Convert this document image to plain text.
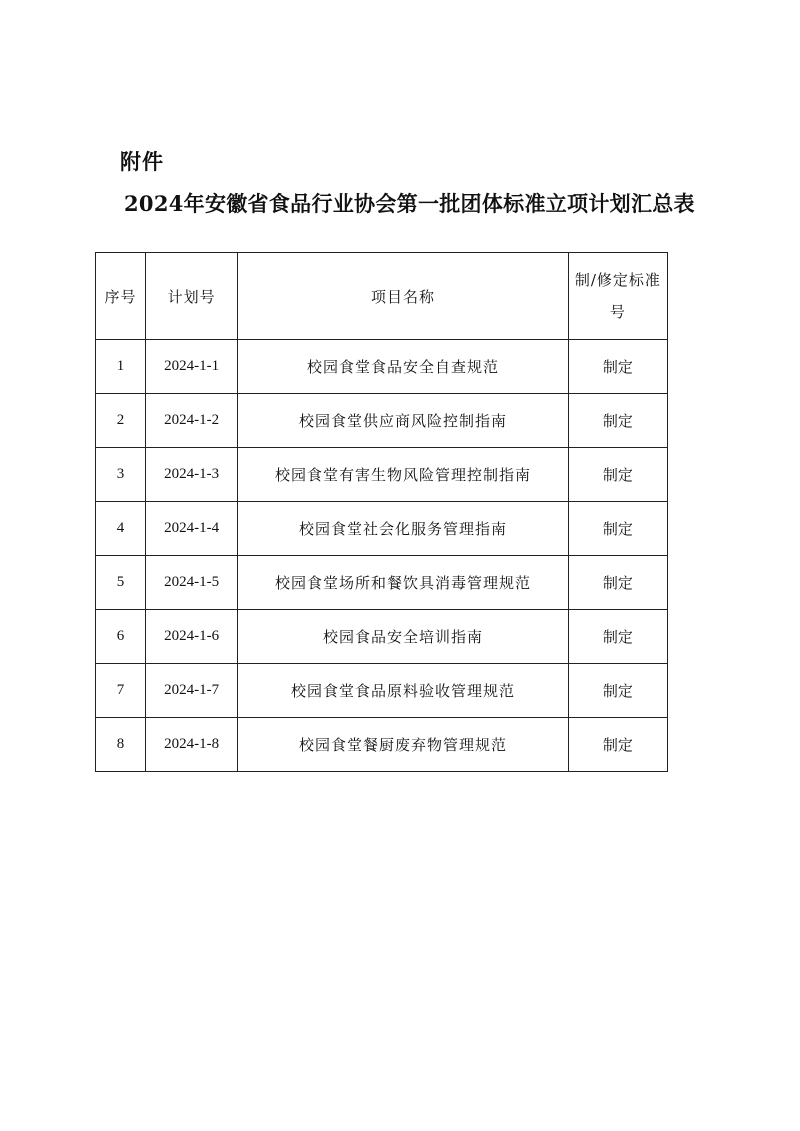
附件
2024年安徽省食品行业协会第一批团体标准立项计划汇总表
序号	计划号	项目名称	制/修定标准
号

1	2024-1-1	校园食堂食品安全自查规范	制定
2	2024-1-2	校园食堂供应商风险控制指南	制定
3	2024-1-3	校园食堂有害生物风险管理控制指南	制定
4	2024-1-4	校园食堂社会化服务管理指南	制定
5	2024-1-5	校园食堂场所和餐饮具消毒管理规范	制定
6	2024-1-6	校园食品安全培训指南	制定
7	2024-1-7	校园食堂食品原料验收管理规范	制定
8	2024-1-8	校园食堂餐厨废弃物管理规范	制定
